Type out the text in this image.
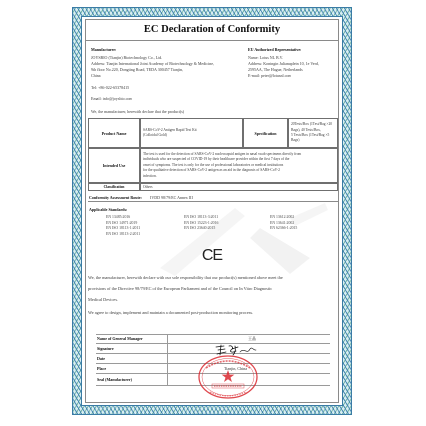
EC Declaration of Conformity
Manufacturer:
JOYSBIO (Tianjin) Biotechnology Co., Ltd.
Address: Tianjin International Joint Academy of Biotechnology & Medicine,
9th floor No.220, Dongting Road, TEDA 300457 Tianjin,
China
Tel: +86-022-65378415
Email: info@joysbio.com
EU Authorized Representative:
Name: Lotus NL B.V.
Address: Koningin Julianaplein 10, 1e Verd,
2595AA, The Hague, Netherlands
E-mail: peter@lotusnl.com
We, the manufacturer, herewith declare that the product(s)
Product Name
SARS-CoV-2 Antigen Rapid Test Kit
(Colloidal Gold)	Specification
20Tests/Box (1Test/Bag ×20
Bags), 40 Tests/Box,
5 Tests/Box (1Test/Bag ×5
Bags)
Intended Use
The test is used for the detection of SARS-CoV-2 nucleocapsid antigen in nasal swab specimens directly from
individuals who are suspected of COVID-19 by their healthcare provider within the first 7 days of the
onset of symptoms. The test is only for the use of professional laboratories or medical institutions
for the qualitative detection of SARS-CoV-2 antigen as an aid in the diagnosis of SARS-CoV-2
infection.
Classification	Others
Conformity Assessment Route: IVDD 98/79/EC Annex III
Applicable Standards:
EN 13485:2016
EN ISO 14971:2019
EN ISO 18113-1:2011
EN ISO 18113-2:2011
EN ISO 18113-3:2011
EN ISO 15223-1:2016
EN ISO 23640:2015
EN 13612:2002
EN 13641:2002
EN 62366-1:2015
CE
We, the manufacturer, herewith declare with our sole responsibility that our product(s) mentioned above meet the
provisions of the Directive 98/79/EC of the European Parliament and of the Council on In Vitro Diagnostic
Medical Devices.
We agree to design, implement and maintain a documented post-production monitoring process.
Name of General Manager
Signature
Date
Place
Seal (Manufacturer)
王晶
Tianjin, China
